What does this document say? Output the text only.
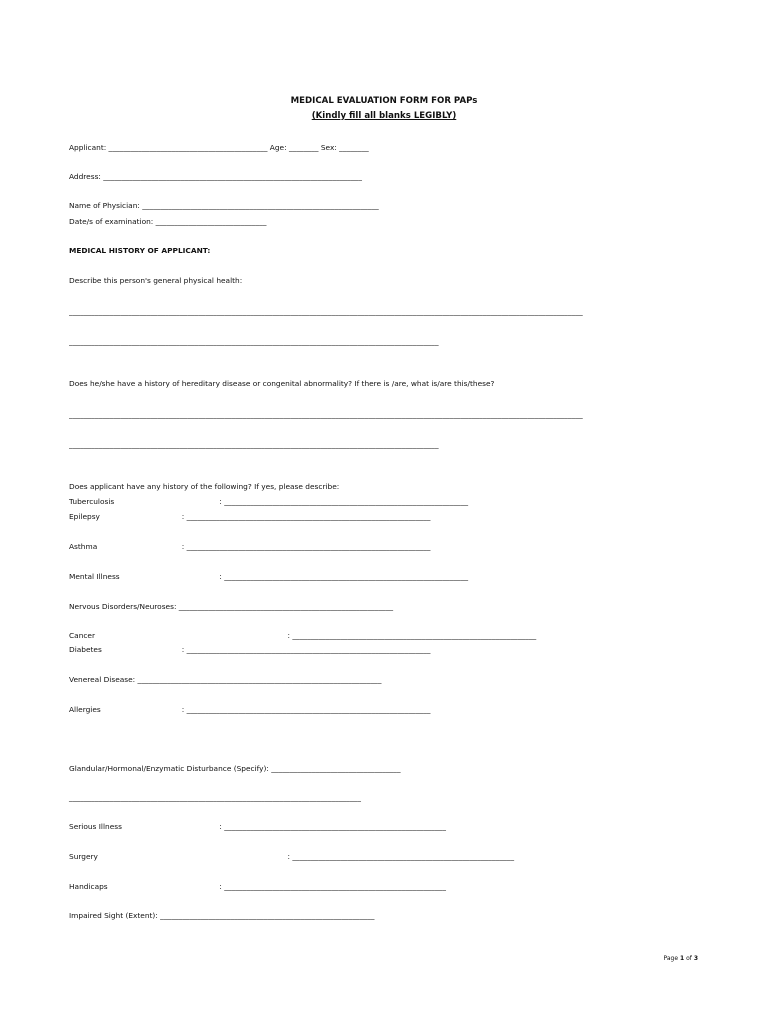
MEDICAL EVALUATION FORM FOR PAPs
(Kindly fill all blanks LEGIBLY)
Applicant: ___________________________________________ Age: ________ Sex: ________
Address: ______________________________________________________________________
Name of Physician: ________________________________________________________________
Date/s of examination: ______________________________
MEDICAL HISTORY OF APPLICANT:
Describe this person's general physical health:
___________________________________________________________________________________________________________________________________________
____________________________________________________________________________________________________
Does he/she have a history of hereditary disease or congenital abnormality? If there is /are, what is/are this/these?
___________________________________________________________________________________________________________________________________________
____________________________________________________________________________________________________
Does applicant have any history of the following? If yes, please describe:
Tuberculosis		: __________________________________________________________________
Epilepsy	: __________________________________________________________________
Asthma	: __________________________________________________________________
Mental Illness		: __________________________________________________________________
Nervous Disorders/Neuroses: __________________________________________________________
Cancer			: __________________________________________________________________
Diabetes	: __________________________________________________________________
Venereal Disease: __________________________________________________________________
Allergies	: __________________________________________________________________
Glandular/Hormonal/Enzymatic Disturbance (Specify): ___________________________________
_______________________________________________________________________________
Serious Illness		: ____________________________________________________________
Surgery			: ____________________________________________________________
Handicaps		: ____________________________________________________________
Impaired Sight (Extent): __________________________________________________________
Page 1 of 3
